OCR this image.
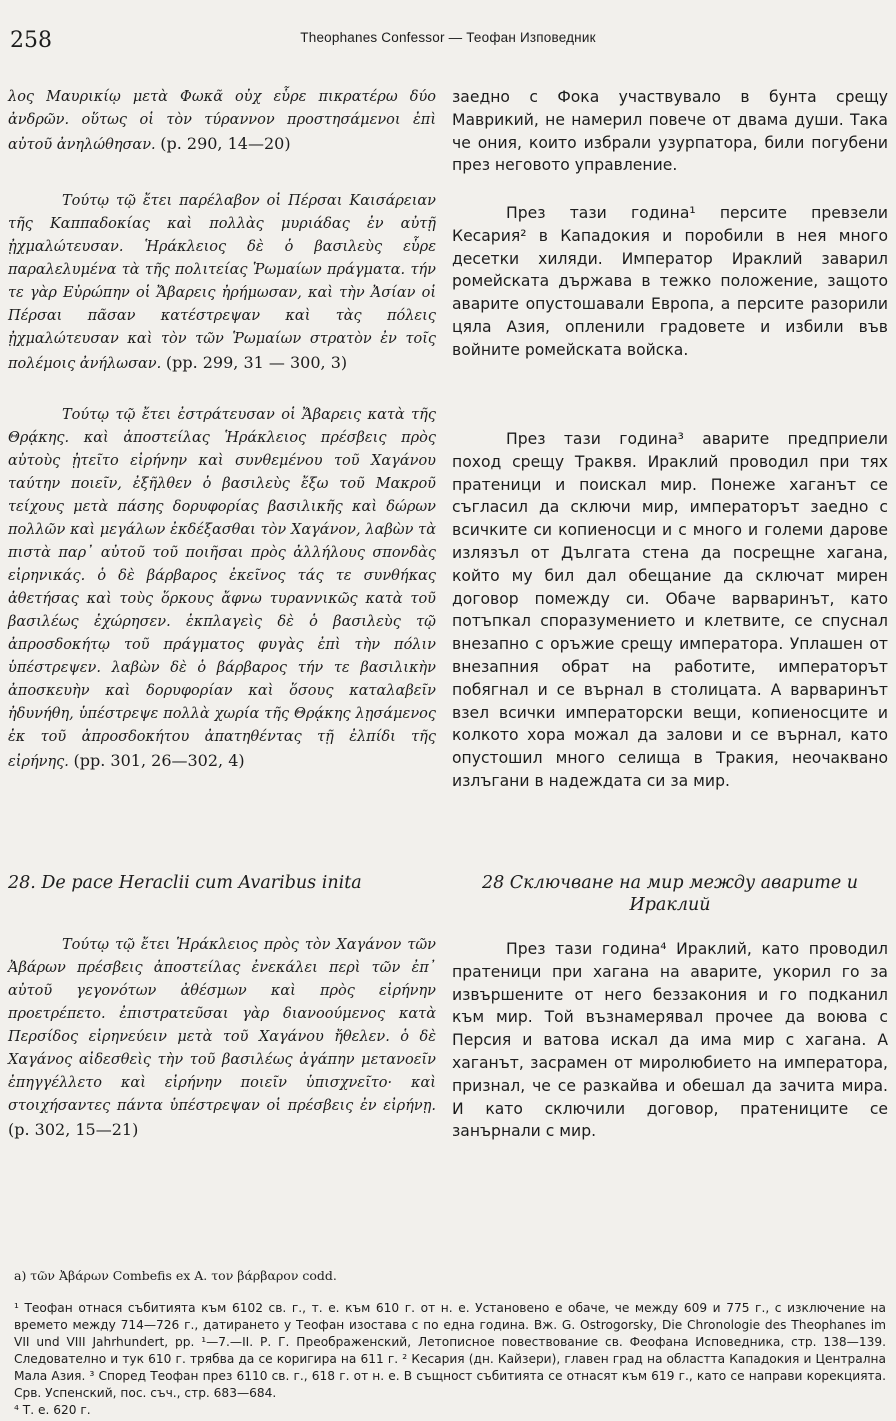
258	Theophanes Confessor — Теофан Изповедник

λος Μαυρικίῳ μετὰ Φωκᾶ οὐχ εὗρε πικρατέρω δύο ἀνδρῶν. οὕτως οἱ τὸν τύραννον προστησάμενοι ἐπὶ αὐτοῦ ἀνηλώθησαν. (p. 290, 14—20)

Τούτῳ τῷ ἔτει παρέλαβον οἱ Πέρσαι Καισάρειαν τῆς Καππαδοκίας καὶ πολλὰς μυριάδας ἐν αὐτῇ ᾐχμαλώτευσαν. Ἡράκλειος δὲ ὁ βασιλεὺς εὗρε παραλελυμένα τὰ τῆς πολιτείας Ῥωμαίων πράγματα. τήν τε γὰρ Εὐρώπην οἱ Ἄβαρεις ἠρήμωσαν, καὶ τὴν Ἀσίαν οἱ Πέρσαι πᾶσαν κατέστρεψαν καὶ τὰς πόλεις ᾐχμαλώτευσαν καὶ τὸν τῶν Ῥωμαίων στρατὸν ἐν τοῖς πολέμοις ἀνήλωσαν. (pp. 299, 31 — 300, 3)

Τούτῳ τῷ ἔτει ἐστράτευσαν οἱ Ἄβαρεις κατὰ τῆς Θρᾴκης. καὶ ἀποστείλας Ἡράκλειος πρέσβεις πρὸς αὐτοὺς ᾐτεῖτο εἰρήνην καὶ συνθεμένου τοῦ Χαγάνου ταύτην ποιεῖν, ἐξῆλθεν ὁ βασιλεὺς ἔξω τοῦ Μακροῦ τείχους μετὰ πάσης δορυφορίας βασιλικῆς καὶ δώρων πολλῶν καὶ μεγάλων ἐκδέξασθαι τὸν Χαγάνον, λαβὼν τὰ πιστὰ παρ᾽ αὐτοῦ τοῦ ποιῆσαι πρὸς ἀλλήλους σπονδὰς εἰρηνικάς. ὁ δὲ βάρβαρος ἐκεῖνος τάς τε συνθήκας ἀθετήσας καὶ τοὺς ὅρκους ἄφνω τυραννικῶς κατὰ τοῦ βασιλέως ἐχώρησεν. ἐκπλαγεὶς δὲ ὁ βασιλεὺς τῷ ἀπροσδοκήτῳ τοῦ πράγματος φυγὰς ἐπὶ τὴν πόλιν ὑπέστρεψεν. λαβὼν δὲ ὁ βάρβαρος τήν τε βασιλικὴν ἀποσκευὴν καὶ δορυφορίαν καὶ ὅσους καταλαβεῖν ἠδυνήθη, ὑπέστρεψε πολλὰ χωρία τῆς Θρᾴκης λῃσάμενος ἐκ τοῦ ἀπροσδοκήτου ἀπατηθέντας τῇ ἐλπίδι τῆς εἰρήνης. (pp. 301, 26—302, 4)

28. De pace Heraclii cum Avaribus inita

Τούτῳ τῷ ἔτει Ἡράκλειος πρὸς τὸν Χαγάνον τῶν Ἀβάρων πρέσβεις ἀποστείλας ἐνεκάλει περὶ τῶν ἐπ᾽ αὐτοῦ γεγονότων ἀθέσμων καὶ πρὸς εἰρήνην προετρέπετο. ἐπιστρατεῦσαι γὰρ διανοούμενος κατὰ Περσίδος εἰρηνεύειν μετὰ τοῦ Χαγάνου ἤθελεν. ὁ δὲ Χαγάνος αἰδεσθεὶς τὴν τοῦ βασιλέως ἀγάπην μετανοεῖν ἐπηγγέλλετο καὶ εἰρήνην ποιεῖν ὑπισχνεῖτο· καὶ στοιχήσαντες πάντα ὑπέστρεψαν οἱ πρέσβεις ἐν εἰρήνῃ. (p. 302, 15—21)

заедно с Фока участвувало в бунта срещу Маврикий, не намерил повече от двама души. Така че ония, които избрали узурпатора, били погубени през неговото управление.

През тази година¹ персите превзели Кесария² в Кападокия и поробили в нея много десетки хиляди. Император Ираклий заварил ромейската държава в тежко положение, защото аварите опустошавали Европа, а персите разорили цяла Азия, опленили градовете и избили във войните ромейската войска.

През тази година³ аварите предприели поход срещу Траквя. Ираклий проводил при тях пратеници и поискал мир. Понеже хаганът се съгласил да сключи мир, императорът заедно с всичките си копиеносци и с много и големи дарове излязъл от Дългата стена да посрещне хагана, който му бил дал обещание да сключат мирен договор помежду си. Обаче варваринът, като потъпкал споразумението и клетвите, се спуснал внезапно с оръжие срещу императора. Уплашен от внезапния обрат на работите, императорът побягнал и се върнал в столицата. А варваринът взел всички императорски вещи, копиеносците и колкото хора можал да залови и се върнал, като опустошил много селища в Тракия, неочаквано излъгани в надеждата си за мир.

28 Сключване на мир между аварите и Ираклий

През тази година⁴ Ираклий, като проводил пратеници при хагана на аварите, укорил го за извършените от него беззакония и го подканил към мир. Той възнамерявал прочее да воюва с Персия и ватова искал да има мир с хагана. А хаганът, засрамен от миролюбието на императора, признал, че се разкайва и обешал да зачита мира. И като сключили договор, пратениците се занърнали с мир.

a) τῶν Ἀβάρων Combefis ex A. τον βάρβαρον codd.

¹ Теофан отнася събитията към 6102 св. г., т. е. към 610 г. от н. е. Установено е обаче, че между 609 и 775 г., с изключение на времето между 714—726 г., датирането у Теофан изостава с по една година. Вж. G. Ostrogorsky, Die Chronologie des Theophanes im VII und VIII Jahrhundert, pp. ¹—7.—II. Р. Г. Преображенский, Летописное повествование св. Феофана Исповедника, стр. 138—139. Следователно и тук 610 г. трябва да се коригира на 611 г. ² Кесария (дн. Кайзери), главен град на областта Кападокия и Централна Мала Азия. ³ Според Теофан през 6110 св. г., 618 г. от н. е. В същност събитията се отнасят към 619 г., като се направи корекцията. Срв. Успенский, пос. съч., стр. 683—684.

⁴ Т. е. 620 г.
